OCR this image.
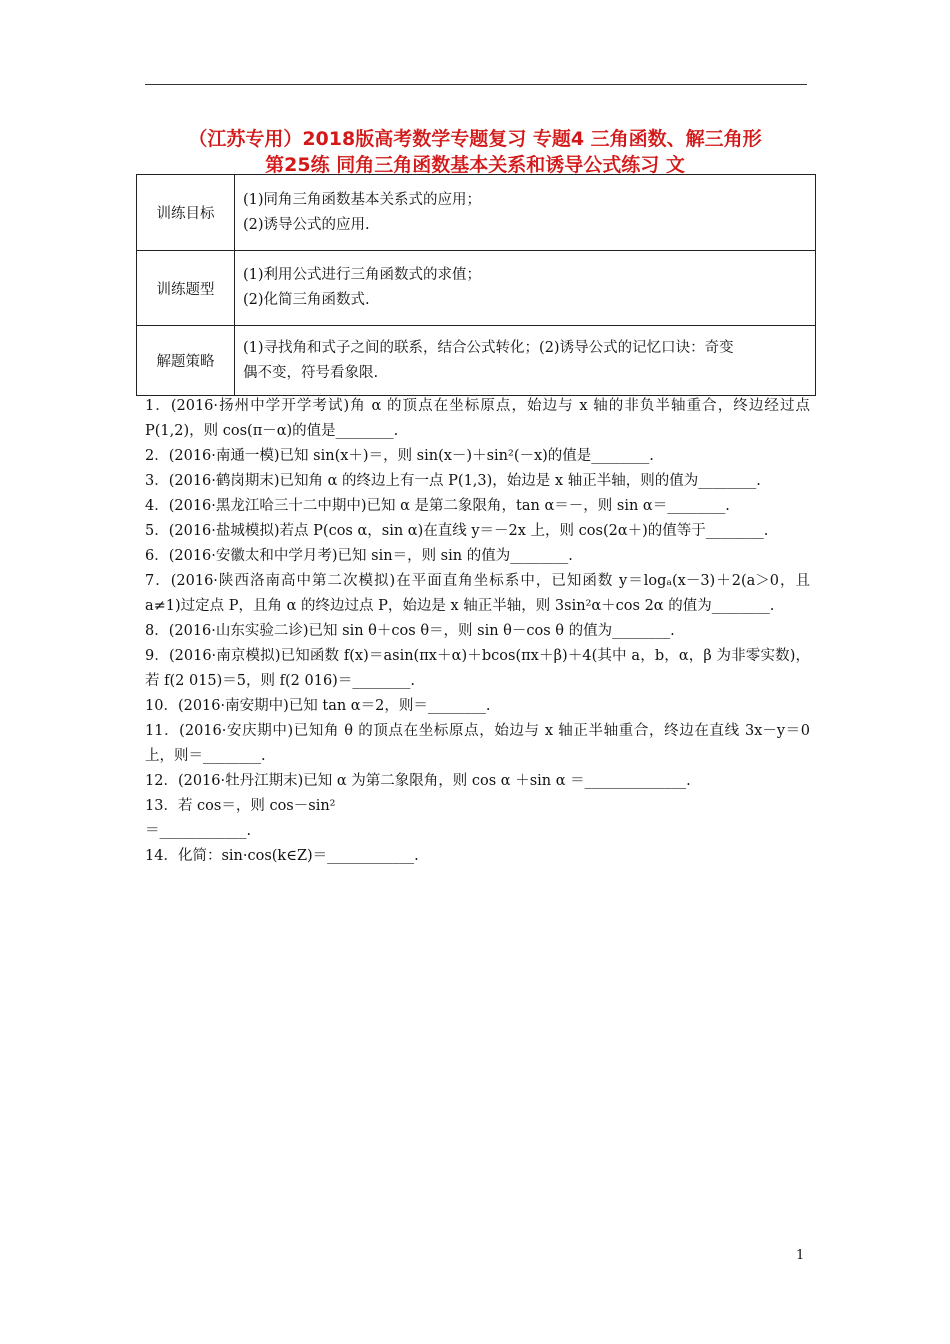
（江苏专用）2018版高考数学专题复习 专题4 三角函数、解三角形
第25练 同角三角函数基本关系和诱导公式练习 文
训练目标	(1)同角三角函数基本关系式的应用；
(2)诱导公式的应用.

训练题型	(1)利用公式进行三角函数式的求值；
(2)化简三角函数式.

解题策略	(1)寻找角和式子之间的联系，结合公式转化；(2)诱导公式的记忆口诀：奇变
偶不变，符号看象限.

1．(2016·扬州中学开学考试)角 α 的顶点在坐标原点，始边与 x 轴的非负半轴重合，终边经过点 P(1,2)，则 cos(π－α)的值是________.

2．(2016·南通一模)已知 sin(x＋)＝，则 sin(x－)＋sin²(－x)的值是________.

3．(2016·鹤岗期末)已知角 α 的终边上有一点 P(1,3)，始边是 x 轴正半轴，则的值为________.

4．(2016·黑龙江哈三十二中期中)已知 α 是第二象限角，tan α＝－，则 sin α＝________.

5．(2016·盐城模拟)若点 P(cos α，sin α)在直线 y＝－2x 上，则 cos(2α＋)的值等于________.

6．(2016·安徽太和中学月考)已知 sin＝，则 sin 的值为________.

7．(2016·陕西洛南高中第二次模拟)在平面直角坐标系中，已知函数 y＝logₐ(x－3)＋2(a＞0，且 a≠1)过定点 P，且角 α 的终边过点 P，始边是 x 轴正半轴，则 3sin²α＋cos 2α 的值为________.

8．(2016·山东实验二诊)已知 sin θ＋cos θ＝，则 sin θ－cos θ 的值为________.

9．(2016·南京模拟)已知函数 f(x)＝asin(πx＋α)＋bcos(πx＋β)＋4(其中 a，b，α，β 为非零实数)，若 f(2 015)＝5，则 f(2 016)＝________.

10．(2016·南安期中)已知 tan α＝2，则＝________.

11．(2016·安庆期中)已知角 θ 的顶点在坐标原点，始边与 x 轴正半轴重合，终边在直线 3x－y＝0 上，则＝________.

12．(2016·牡丹江期末)已知 α 为第二象限角，则 cos α ＋sin α ＝______________.

13．若 cos＝，则 cos－sin²

＝____________.

14．化简：sin·cos(k∈Z)＝____________.

1
